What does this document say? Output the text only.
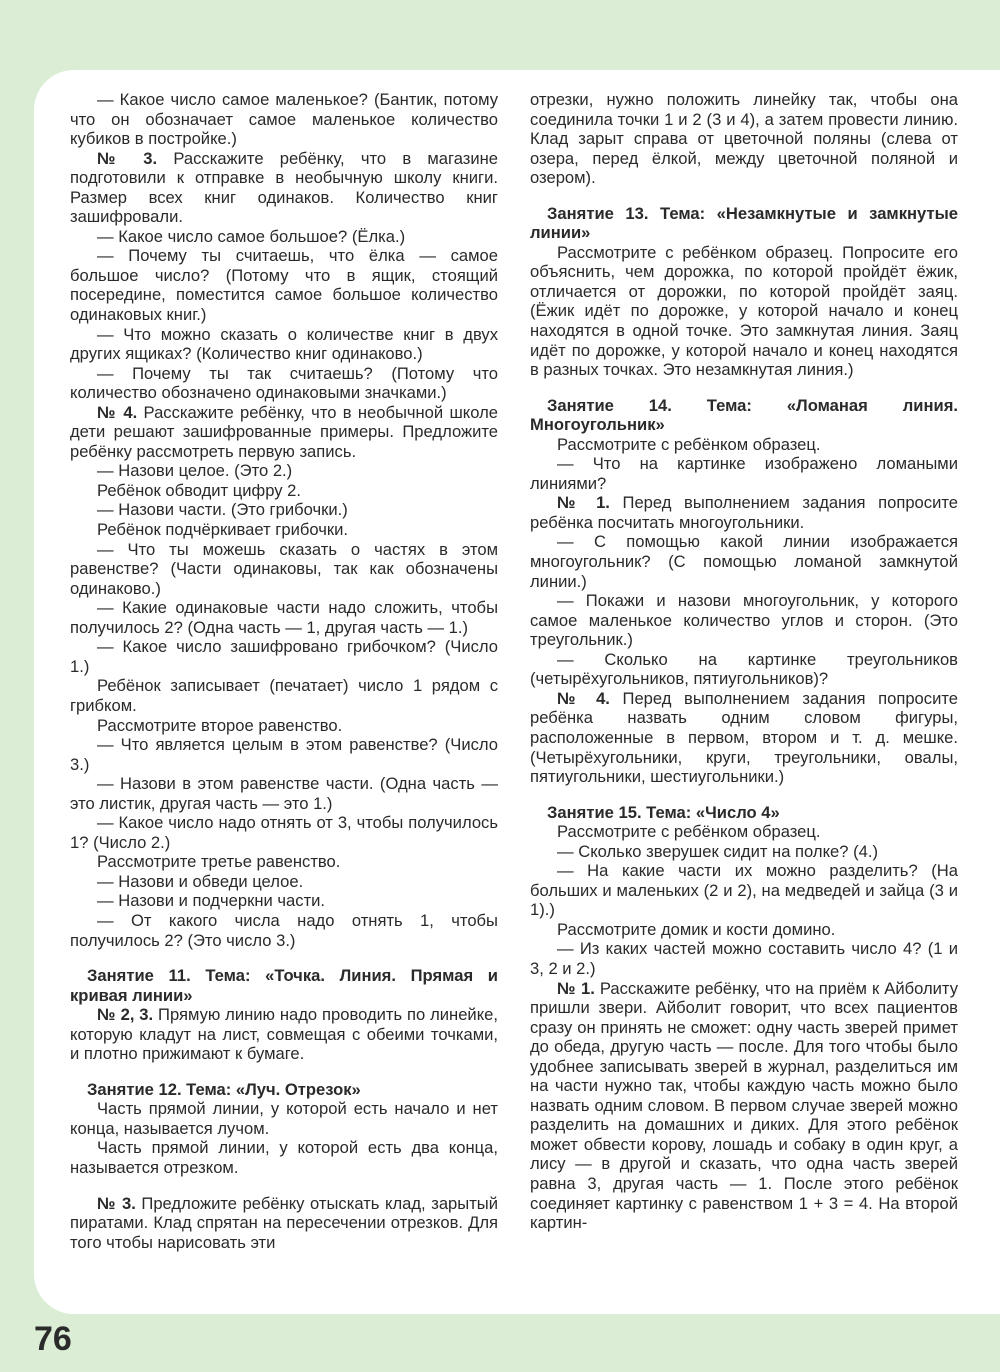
— Какое число самое маленькое? (Бантик, потому что он обозначает самое маленькое количество кубиков в постройке.)

№ 3. Расскажите ребёнку, что в магазине подготовили к отправке в необычную школу книги. Размер всех книг одинаков. Количество книг зашифровали.

— Какое число самое большое? (Ёлка.)

— Почему ты считаешь, что ёлка — самое большое число? (Потому что в ящик, стоящий посередине, поместится самое большое количество одинаковых книг.)

— Что можно сказать о количестве книг в двух других ящиках? (Количество книг одинаково.)

— Почему ты так считаешь? (Потому что количество обозначено одинаковыми значками.)

№ 4. Расскажите ребёнку, что в необычной школе дети решают зашифрованные примеры. Предложите ребёнку рассмотреть первую запись.

— Назови целое. (Это 2.)

Ребёнок обводит цифру 2.

— Назови части. (Это грибочки.)

Ребёнок подчёркивает грибочки.

— Что ты можешь сказать о частях в этом равенстве? (Части одинаковы, так как обозначены одинаково.)

— Какие одинаковые части надо сложить, чтобы получилось 2? (Одна часть — 1, другая часть — 1.)

— Какое число зашифровано грибочком? (Число 1.)

Ребёнок записывает (печатает) число 1 рядом с грибком.

Рассмотрите второе равенство.

— Что является целым в этом равенстве? (Число 3.)

— Назови в этом равенстве части. (Одна часть — это листик, другая часть — это 1.)

— Какое число надо отнять от 3, чтобы получилось 1? (Число 2.)

Рассмотрите третье равенство.

— Назови и обведи целое.

— Назови и подчеркни части.

— От какого числа надо отнять 1, чтобы получилось 2? (Это число 3.)

Занятие 11. Тема: «Точка. Линия. Прямая и кривая линии»

№ 2, 3. Прямую линию надо проводить по линейке, которую кладут на лист, совмещая с обеими точками, и плотно прижимают к бумаге.

Занятие 12. Тема: «Луч. Отрезок»

Часть прямой линии, у которой есть начало и нет конца, называется лучом.

Часть прямой линии, у которой есть два конца, называется отрезком.

№ 3. Предложите ребёнку отыскать клад, зарытый пиратами. Клад спрятан на пересечении отрезков. Для того чтобы нарисовать эти

отрезки, нужно положить линейку так, чтобы она соединила точки 1 и 2 (3 и 4), а затем провести линию. Клад зарыт справа от цветочной поляны (слева от озера, перед ёлкой, между цветочной поляной и озером).

Занятие 13. Тема: «Незамкнутые и замкнутые линии»

Рассмотрите с ребёнком образец. Попросите его объяснить, чем дорожка, по которой пройдёт ёжик, отличается от дорожки, по которой пройдёт заяц. (Ёжик идёт по дорожке, у которой начало и конец находятся в одной точке. Это замкнутая линия. Заяц идёт по дорожке, у которой начало и конец находятся в разных точках. Это незамкнутая линия.)

Занятие 14. Тема: «Ломаная линия. Многоугольник»

Рассмотрите с ребёнком образец.

— Что на картинке изображено ломаными линиями?

№ 1. Перед выполнением задания попросите ребёнка посчитать многоугольники.

— С помощью какой линии изображается многоугольник? (С помощью ломаной замкнутой линии.)

— Покажи и назови многоугольник, у которого самое маленькое количество углов и сторон. (Это треугольник.)

— Сколько на картинке треугольников (четырёхугольников, пятиугольников)?

№ 4. Перед выполнением задания попросите ребёнка назвать одним словом фигуры, расположенные в первом, втором и т. д. мешке. (Четырёхугольники, круги, треугольники, овалы, пятиугольники, шестиугольники.)

Занятие 15. Тема: «Число 4»

Рассмотрите с ребёнком образец.

— Сколько зверушек сидит на полке? (4.)

— На какие части их можно разделить? (На больших и маленьких (2 и 2), на медведей и зайца (3 и 1).)

Рассмотрите домик и кости домино.

— Из каких частей можно составить число 4? (1 и 3, 2 и 2.)

№ 1. Расскажите ребёнку, что на приём к Айболиту пришли звери. Айболит говорит, что всех пациентов сразу он принять не сможет: одну часть зверей примет до обеда, другую часть — после. Для того чтобы было удобнее записывать зверей в журнал, разделиться им на части нужно так, чтобы каждую часть можно было назвать одним словом. В первом случае зверей можно разделить на домашних и диких. Для этого ребёнок может обвести корову, лошадь и собаку в один круг, а лису — в другой и сказать, что одна часть зверей равна 3, другая часть — 1. После этого ребёнок соединяет картинку с равенством 1 + 3 = 4. На второй картин-

76
